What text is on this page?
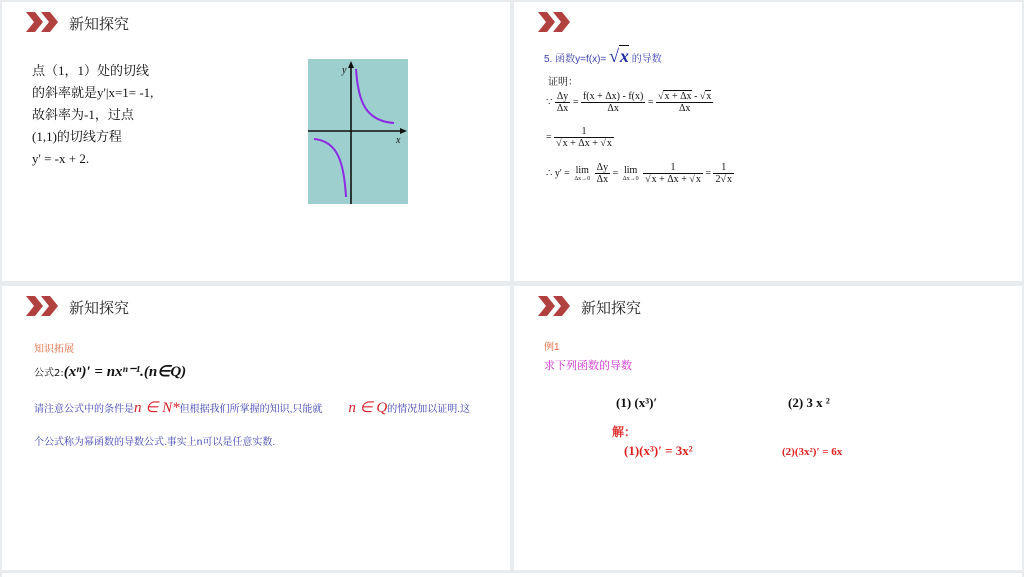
新知探究
点（1，1）处的切线
的斜率就是y'|x=1= -1,
故斜率为-1，过点
(1,1)的切线方程
y' = -x + 2.
y
x
5. 函数y=f(x)= √x 的导数
证明：
∵ $\frac{\Delta y}{\Delta x} = \frac{f(x + \Delta x) - f(x)}{\Delta x} = \frac{√x + \Delta x - √x}{\Delta x}$
= $\frac{1}{√x + \Delta x + √x}$
∴ y' = lim
Δx→0
$\frac{\Delta y}{\Delta x} = \lim$
Δx→0
$\frac{1}{√x + \Delta x + √x} = \frac{1}{2√x}$
新知探究
知识拓展
公式2:(xⁿ)′ = nxⁿ⁻¹.(n∈Q)
请注意公式中的条件是n ∈ N*但根据我们所掌握的知识,只能就 n ∈ Q的情况加以证明.这
个公式称为幂函数的导数公式.事实上n可以是任意实数.
新知探究
例1
求下列函数的导数
(1) (x³)′	(2) 3 x ²
解：
(1)(x³)′ = 3x²	(2)(3x²)′ = 6x
